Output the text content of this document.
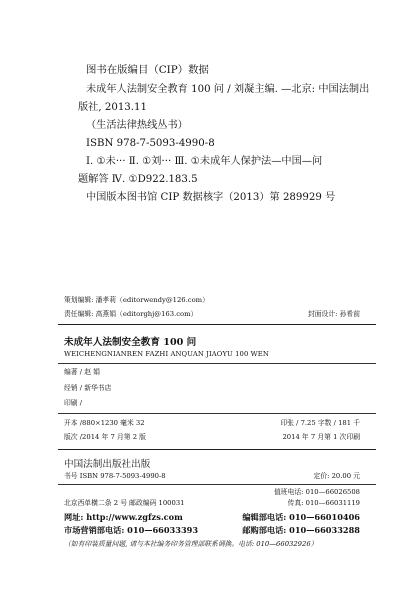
图书在版编目（CIP）数据
未成年人法制安全教育 100 问 / 刘凝主编. —北京: 中国法制出
版社, 2013.11
（生活法律热线丛书）
ISBN 978-7-5093-4990-8
Ⅰ. ①未··· Ⅱ. ①刘··· Ⅲ. ①未成年人保护法—中国—问
题解答 Ⅳ. ①D922.183.5
中国版本图书馆 CIP 数据核字（2013）第 289929 号
策划编辑: 潘孝莉（editorwendy@126.com）
责任编辑: 高燕娟（editorghj@163.com）	封面设计: 孙希前
未成年人法制安全教育 100 问
WEICHENGNIANREN FAZHI ANQUAN JIAOYU 100 WEN
编著 / 赵 娟
经销 / 新华书店
印刷 /
开本 /880×1230 毫米 32	印张 / 7.25 字数 / 181 千
版次 /2014 年 7 月第 2 版	2014 年 7 月第 1 次印刷
中国法制出版社出版
书号 ISBN 978-7-5093-4990-8	定价: 20.00 元
值班电话: 010—66026508
北京西单横二条 2 号 邮政编码 100031	传真: 010—66031119
网址: http://www.zgfzs.com	编辑部电话: 010—66010406
市场营销部电话: 010—66033393	邮购部电话: 010—66033288
（如有印装质量问题, 请与本社编务印务管理部联系调换。电话: 010—66032926）
